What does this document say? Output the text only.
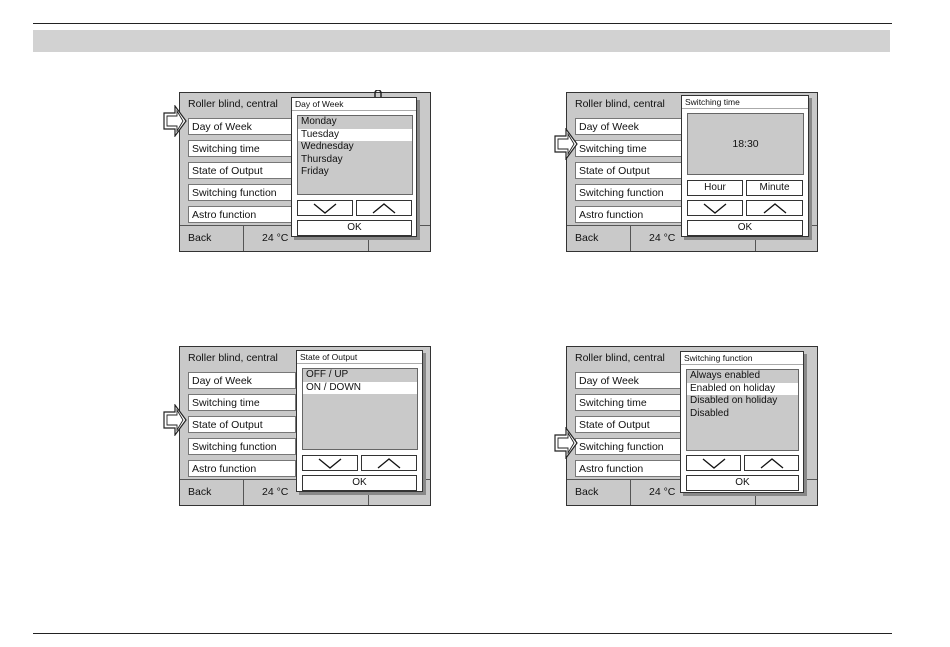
Roller blind, central
Day of Week
Switching time
State of Output
Switching function
Astro function
Back	24 °C
Day of Week
Monday
Tuesday
Wednesday
Thursday
Friday
OK
Roller blind, central
Day of Week
Switching time
State of Output
Switching function
Astro function
Back	24 °C
Switching time
18:30
Hour	Minute
OK
Roller blind, central
Day of Week
Switching time
State of Output
Switching function
Astro function
Back	24 °C
State of Output
OFF / UP
ON / DOWN
OK
Roller blind, central
Day of Week
Switching time
State of Output
Switching function
Astro function
Back	24 °C
Switching function
Always enabled
Enabled on holiday
Disabled on holiday
Disabled
OK
